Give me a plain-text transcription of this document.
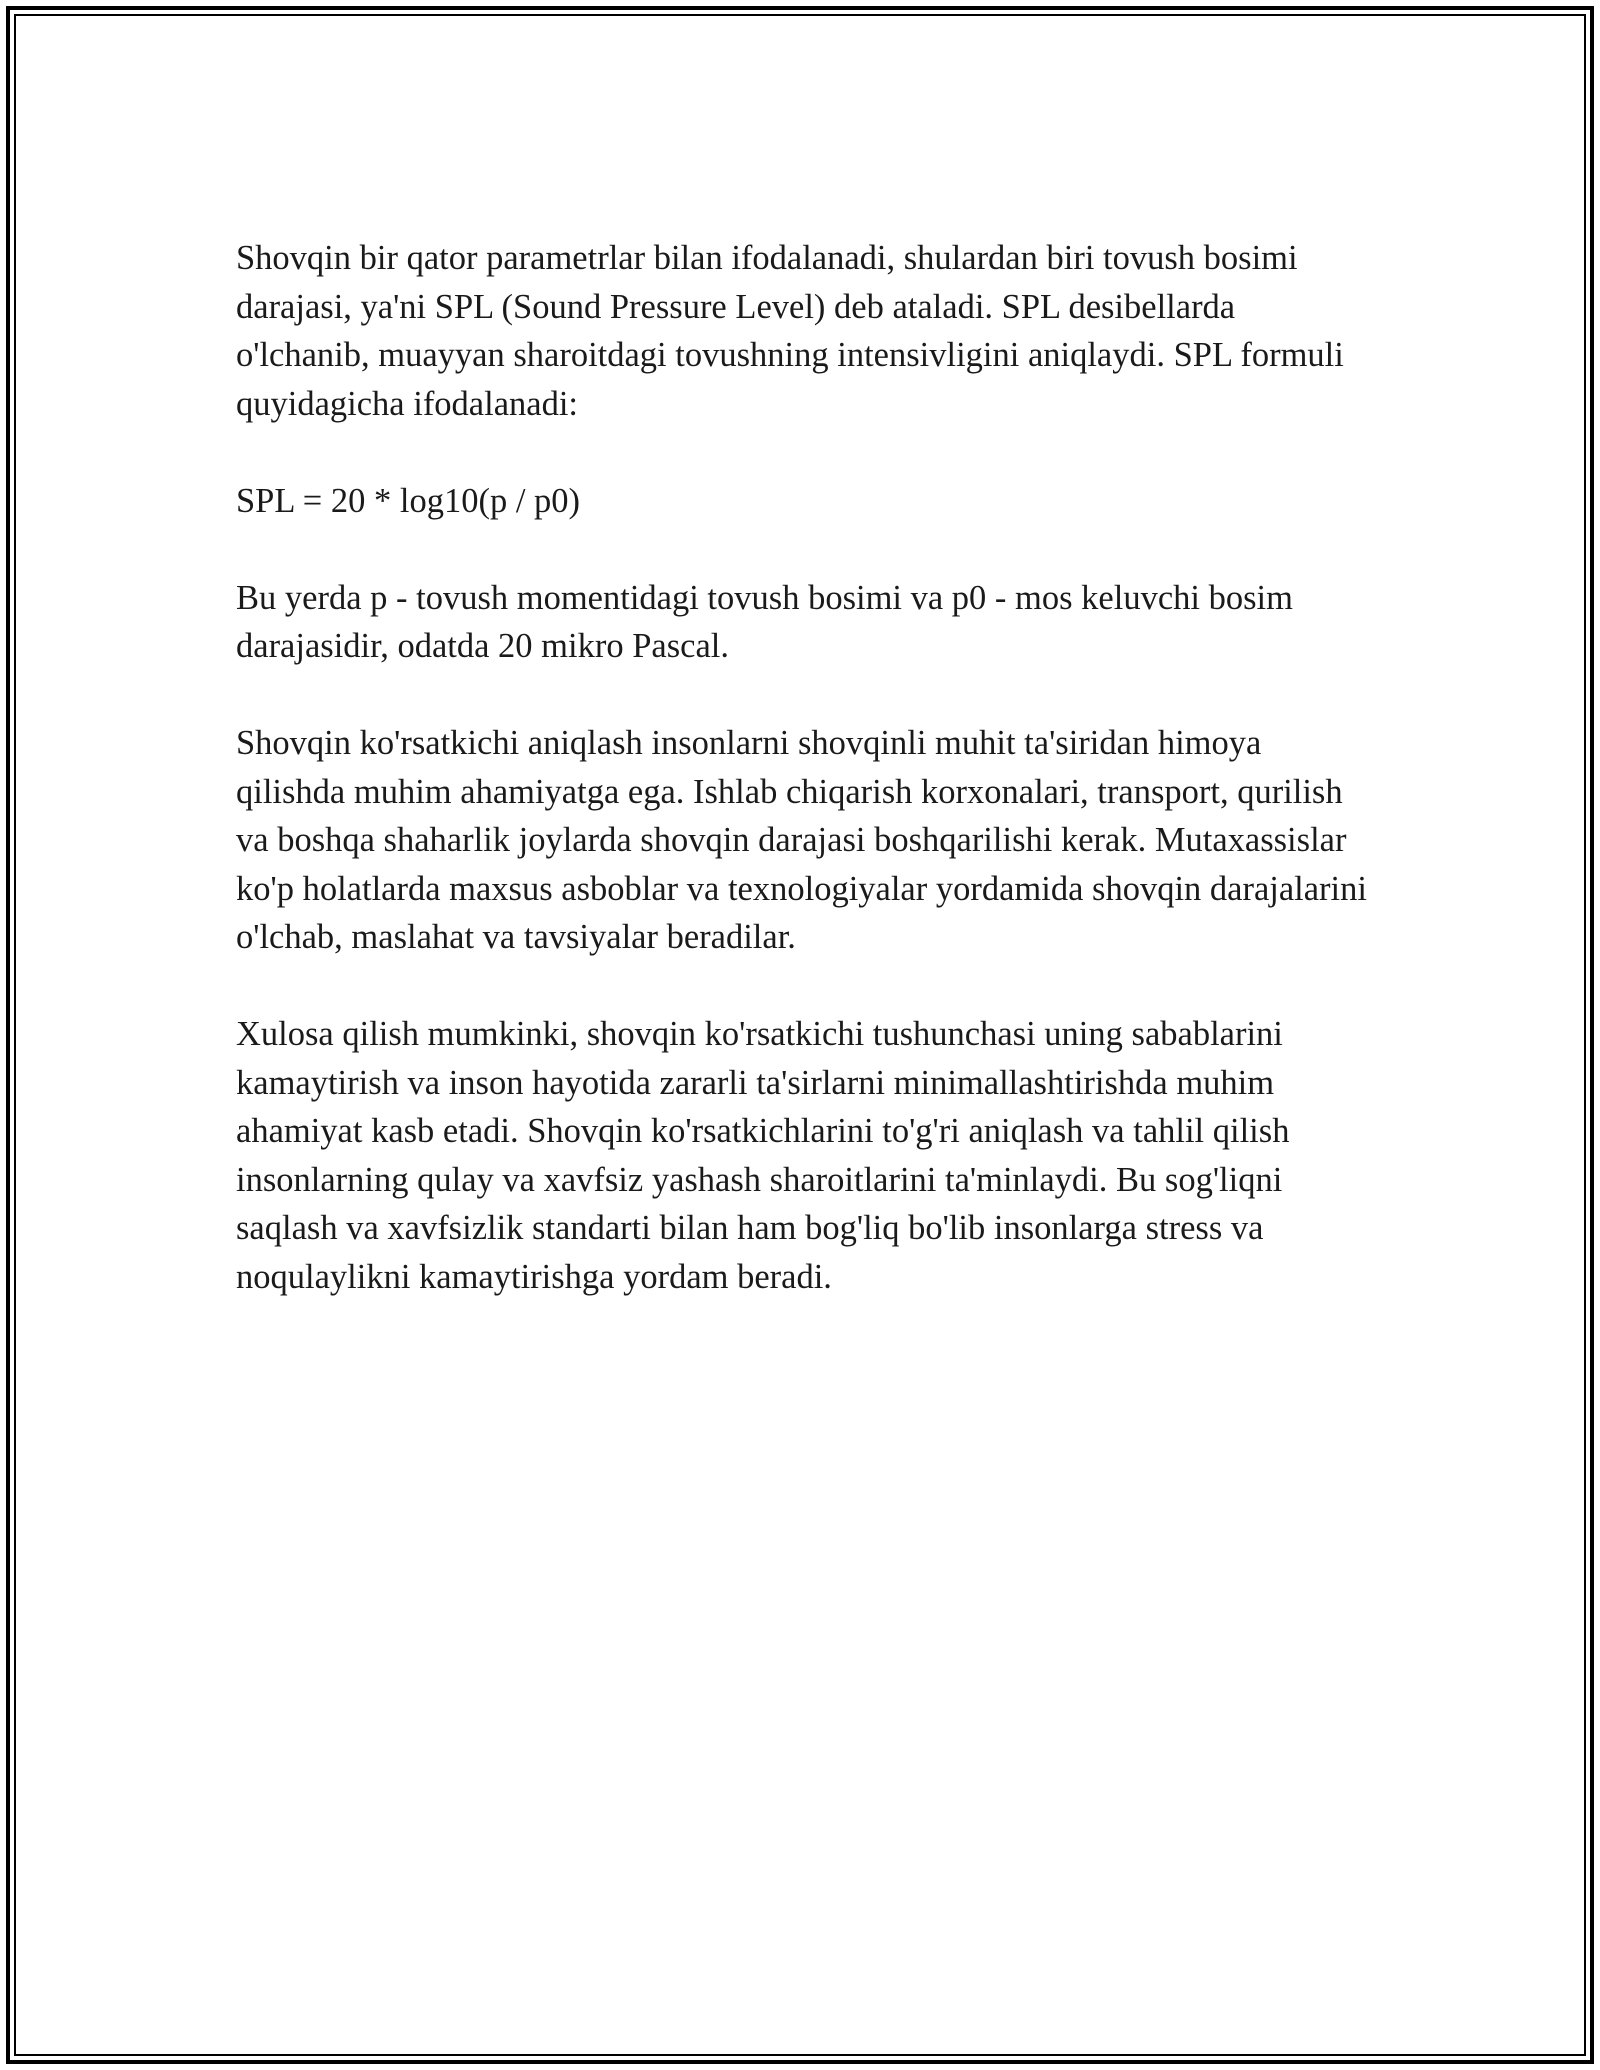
Shovqin bir qator parametrlar bilan ifodalanadi, shulardan biri tovush bosimi darajasi, ya'ni SPL (Sound Pressure Level) deb ataladi. SPL desibellarda o'lchanib, muayyan sharoitdagi tovushning intensivligini aniqlaydi. SPL formuli quyidagicha ifodalanadi:

SPL = 20 * log10(p / p0)

Bu yerda p - tovush momentidagi tovush bosimi va p0 - mos keluvchi bosim darajasidir, odatda 20 mikro Pascal.

Shovqin ko'rsatkichi aniqlash insonlarni shovqinli muhit ta'siridan himoya qilishda muhim ahamiyatga ega. Ishlab chiqarish korxonalari, transport, qurilish va boshqa shaharlik joylarda shovqin darajasi boshqarilishi kerak. Mutaxassislar ko'p holatlarda maxsus asboblar va texnologiyalar yordamida shovqin darajalarini o'lchab, maslahat va tavsiyalar beradilar.

Xulosa qilish mumkinki, shovqin ko'rsatkichi tushunchasi uning sabablarini kamaytirish va inson hayotida zararli ta'sirlarni minimallashtirishda muhim ahamiyat kasb etadi. Shovqin ko'rsatkichlarini to'g'ri aniqlash va tahlil qilish insonlarning qulay va xavfsiz yashash sharoitlarini ta'minlaydi. Bu sog'liqni saqlash va xavfsizlik standarti bilan ham bog'liq bo'lib insonlarga stress va noqulaylikni kamaytirishga yordam beradi.
